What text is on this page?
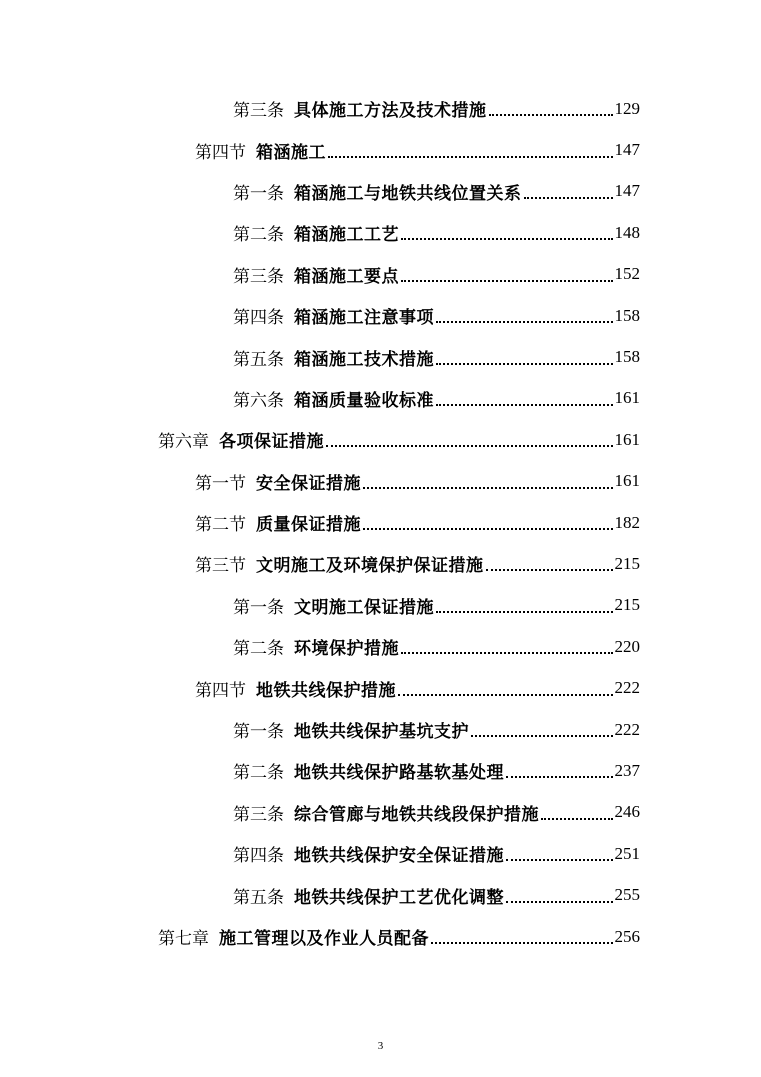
第三条 具体施工方法及技术措施	129
第四节 箱涵施工	147
第一条 箱涵施工与地铁共线位置关系	147
第二条 箱涵施工工艺	148
第三条 箱涵施工要点	152
第四条 箱涵施工注意事项	158
第五条 箱涵施工技术措施	158
第六条 箱涵质量验收标准	161
第六章 各项保证措施	161
第一节 安全保证措施	161
第二节 质量保证措施	182
第三节 文明施工及环境保护保证措施	215
第一条 文明施工保证措施	215
第二条 环境保护措施	220
第四节 地铁共线保护措施	222
第一条 地铁共线保护基坑支护	222
第二条 地铁共线保护路基软基处理	237
第三条 综合管廊与地铁共线段保护措施	246
第四条 地铁共线保护安全保证措施	251
第五条 地铁共线保护工艺优化调整	255
第七章 施工管理以及作业人员配备	256
3
